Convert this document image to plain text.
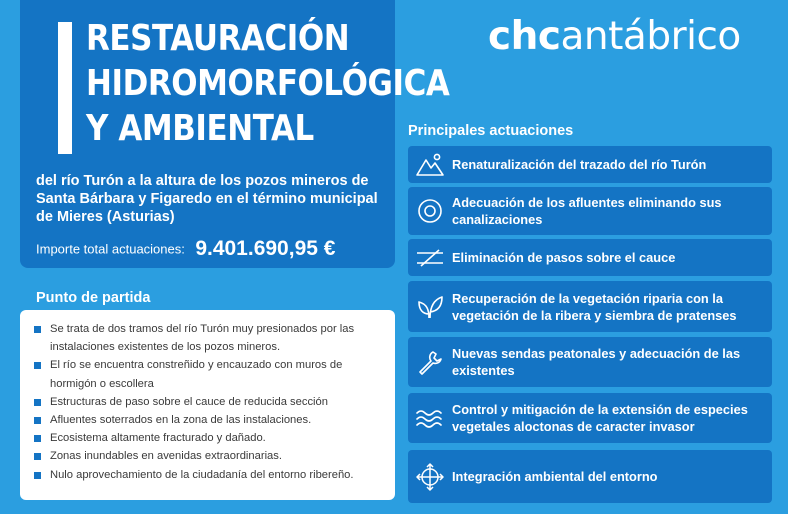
RESTAURACIÓN
HIDROMORFOLÓGICA
Y AMBIENTAL

del río Turón a la altura de los pozos mineros de Santa Bárbara y Figaredo en el término municipal de Mieres (Asturias)

Importe total actuaciones: 9.401.690,95 €
chcantábrico
Punto de partida
Se trata de dos tramos del río Turón muy presionados por las instalaciones existentes de los pozos mineros.
El río se encuentra constreñido y encauzado con muros de hormigón o escollera
Estructuras de paso sobre el cauce de reducida sección
Afluentes soterrados en la zona de las instalaciones.
Ecosistema altamente fracturado y dañado.
Zonas inundables en avenidas extraordinarias.
Nulo aprovechamiento de la ciudadanía del entorno ribereño.
Principales actuaciones
Renaturalización del trazado del río Turón
Adecuación de los afluentes eliminando sus canalizaciones
Eliminación de pasos sobre el cauce
Recuperación de la vegetación riparia con la vegetación de la ribera y siembra de pratenses
Nuevas sendas peatonales y adecuación de las existentes
Control y mitigación de la extensión de especies vegetales aloctonas de caracter invasor
Integración ambiental del entorno
